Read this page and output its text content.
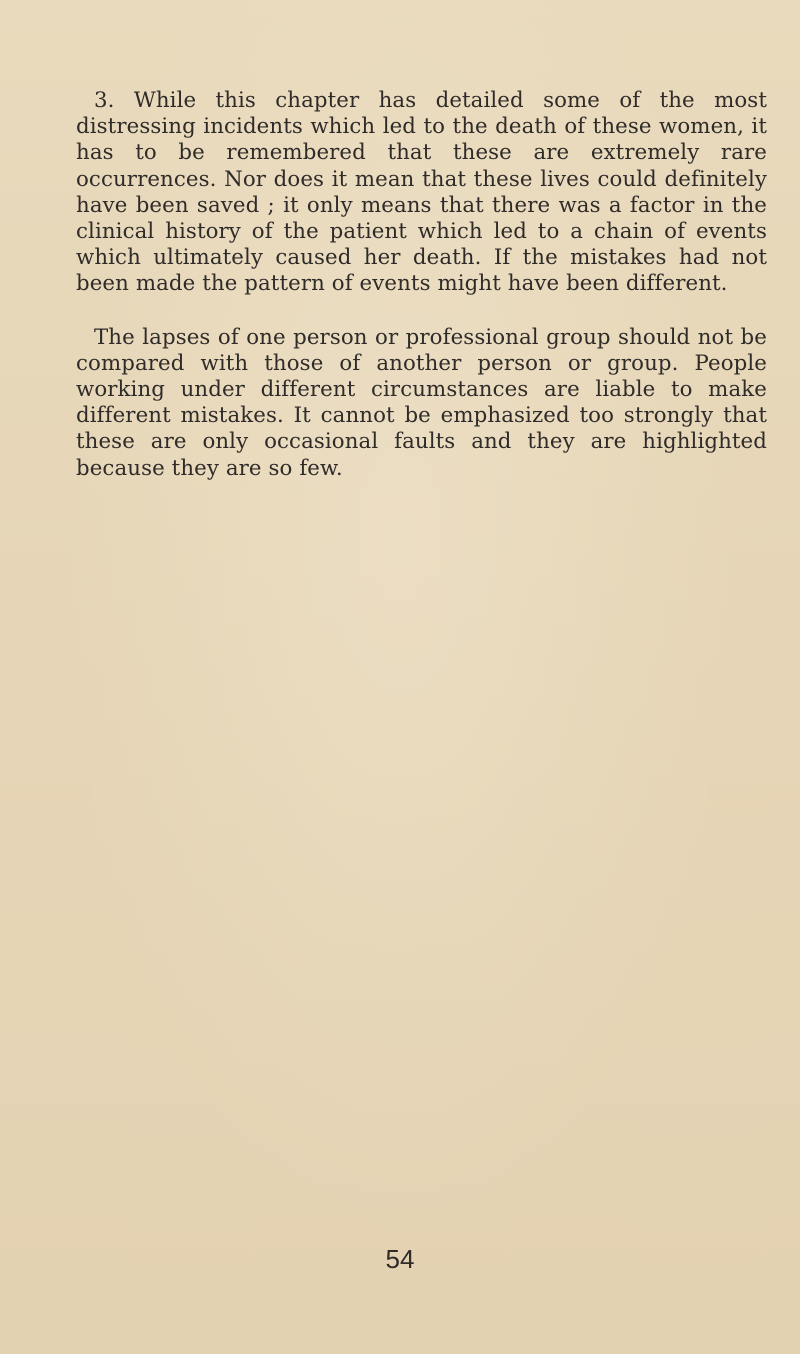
3. While this chapter has detailed some of the most distressing incidents which led to the death of these women, it has to be remembered that these are extremely rare occurrences. Nor does it mean that these lives could definitely have been saved ; it only means that there was a factor in the clinical history of the patient which led to a chain of events which ultimately caused her death. If the mistakes had not been made the pattern of events might have been different.

The lapses of one person or professional group should not be compared with those of another person or group. People working under different circumstances are liable to make different mistakes. It cannot be emphasized too strongly that these are only occasional faults and they are highlighted because they are so few.

54
